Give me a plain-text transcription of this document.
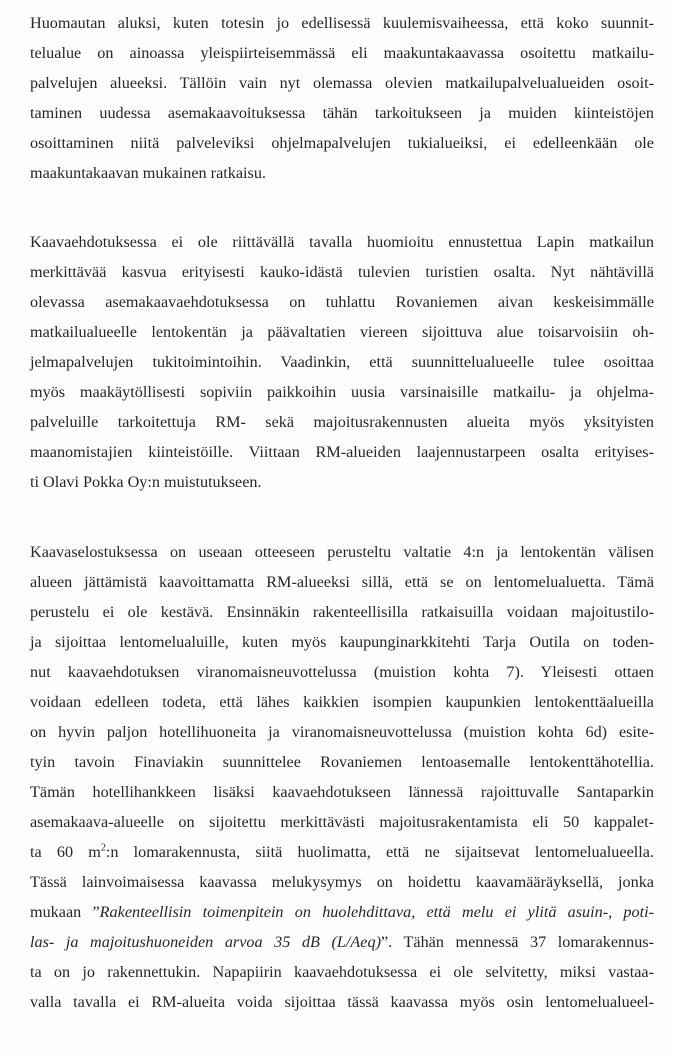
Huomautan aluksi, kuten totesin jo edellisessä kuulemisvaiheessa, että koko suunnit-
telualue on ainoassa yleispiirteisemmässä eli maakuntakaavassa osoitettu matkailu-
palvelujen alueeksi. Tällöin vain nyt olemassa olevien matkailupalvelualueiden osoit-
taminen uudessa asemakaavoituksessa tähän tarkoitukseen ja muiden kiinteistöjen
osoittaminen niitä palveleviksi ohjelmapalvelujen tukialueiksi, ei edelleenkään ole
maakuntakaavan mukainen ratkaisu.
Kaavaehdotuksessa ei ole riittävällä tavalla huomioitu ennustettua Lapin matkailun
merkittävää kasvua erityisesti kauko-idästä tulevien turistien osalta. Nyt nähtävillä
olevassa asemakaavaehdotuksessa on tuhlattu Rovaniemen aivan keskeisimmälle
matkailualueelle lentokentän ja päävaltatien viereen sijoittuva alue toisarvoisiin oh-
jelmapalvelujen tukitoimintoihin. Vaadinkin, että suunnittelualueelle tulee osoittaa
myös maakäytöllisesti sopiviin paikkoihin uusia varsinaisille matkailu- ja ohjelma-
palveluille tarkoitettuja RM- sekä majoitusrakennusten alueita myös yksityisten
maanomistajien kiinteistöille. Viittaan RM-alueiden laajennustarpeen osalta erityises-
ti Olavi Pokka Oy:n muistutukseen.
Kaavaselostuksessa on useaan otteeseen perusteltu valtatie 4:n ja lentokentän välisen
alueen jättämistä kaavoittamatta RM-alueeksi sillä, että se on lentomelualuetta. Tämä
perustelu ei ole kestävä. Ensinnäkin rakenteellisilla ratkaisuilla voidaan majoitustilo-
ja sijoittaa lentomelualuille, kuten myös kaupunginarkkitehti Tarja Outila on toden-
nut kaavaehdotuksen viranomaisneuvottelussa (muistion kohta 7). Yleisesti ottaen
voidaan edelleen todeta, että lähes kaikkien isompien kaupunkien lentokenttäalueilla
on hyvin paljon hotellihuoneita ja viranomaisneuvottelussa (muistion kohta 6d) esite-
tyin tavoin Finaviakin suunnittelee Rovaniemen lentoasemalle lentokenttähotellia.
Tämän hotellihankkeen lisäksi kaavaehdotukseen lännessä rajoittuvalle Santaparkin
asemakaava-alueelle on sijoitettu merkittävästi majoitusrakentamista eli 50 kappalet-
ta 60 $m^2:n$ lomarakennusta, siitä huolimatta, että ne sijaitsevat lentomelualueella.
Tässä lainvoimaisessa kaavassa melukysymys on hoidettu kaavamääräyksellä, jonka
mukaan ”Rakenteellisin toimenpitein on huolehdittava, että melu ei ylitä asuin-, poti-
las- ja majoitushuoneiden arvoa 35 dB (L/Aeq)”. Tähän mennessä 37 lomarakennus-
ta on jo rakennettukin. Napapiirin kaavaehdotuksessa ei ole selvitetty, miksi vastaa-
valla tavalla ei RM-alueita voida sijoittaa tässä kaavassa myös osin lentomelualueel-
